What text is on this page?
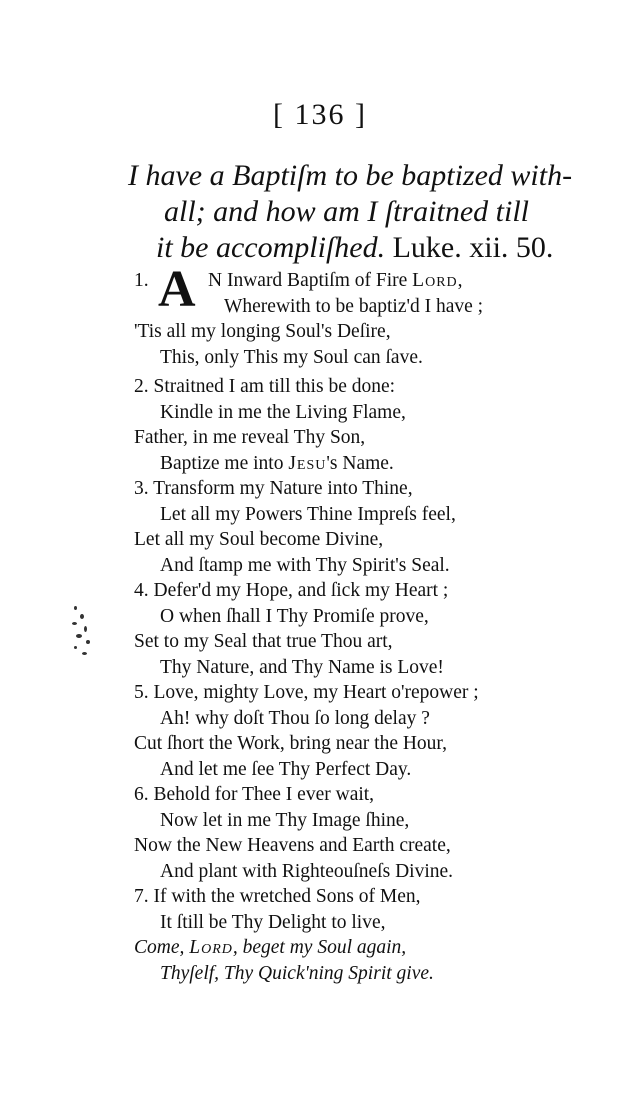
[ 136 ]
I have a Baptiſm to be baptized with-
all; and how am I ſtraitned till
it be accompliſhed. Luke. xii. 50.
1. A N Inward Baptiſm of Fire Lord,
Wherewith to be baptiz'd I have ;
'Tis all my longing Soul's Deſire,
This, only This my Soul can ſave.
2. Straitned I am till this be done:
Kindle in me the Living Flame,
Father, in me reveal Thy Son,
Baptize me into Jesu's Name.
3. Transform my Nature into Thine,
Let all my Powers Thine Impreſs feel,
Let all my Soul become Divine,
And ſtamp me with Thy Spirit's Seal.
4. Defer'd my Hope, and ſick my Heart ;
O when ſhall I Thy Promiſe prove,
Set to my Seal that true Thou art,
Thy Nature, and Thy Name is Love!
5. Love, mighty Love, my Heart o'repower ;
Ah! why doſt Thou ſo long delay ?
Cut ſhort the Work, bring near the Hour,
And let me ſee Thy Perfect Day.
6. Behold for Thee I ever wait,
Now let in me Thy Image ſhine,
Now the New Heavens and Earth create,
And plant with Righteouſneſs Divine.
7. If with the wretched Sons of Men,
It ſtill be Thy Delight to live,
Come, Lord, beget my Soul again,
Thyſelf, Thy Quick'ning Spirit give.
